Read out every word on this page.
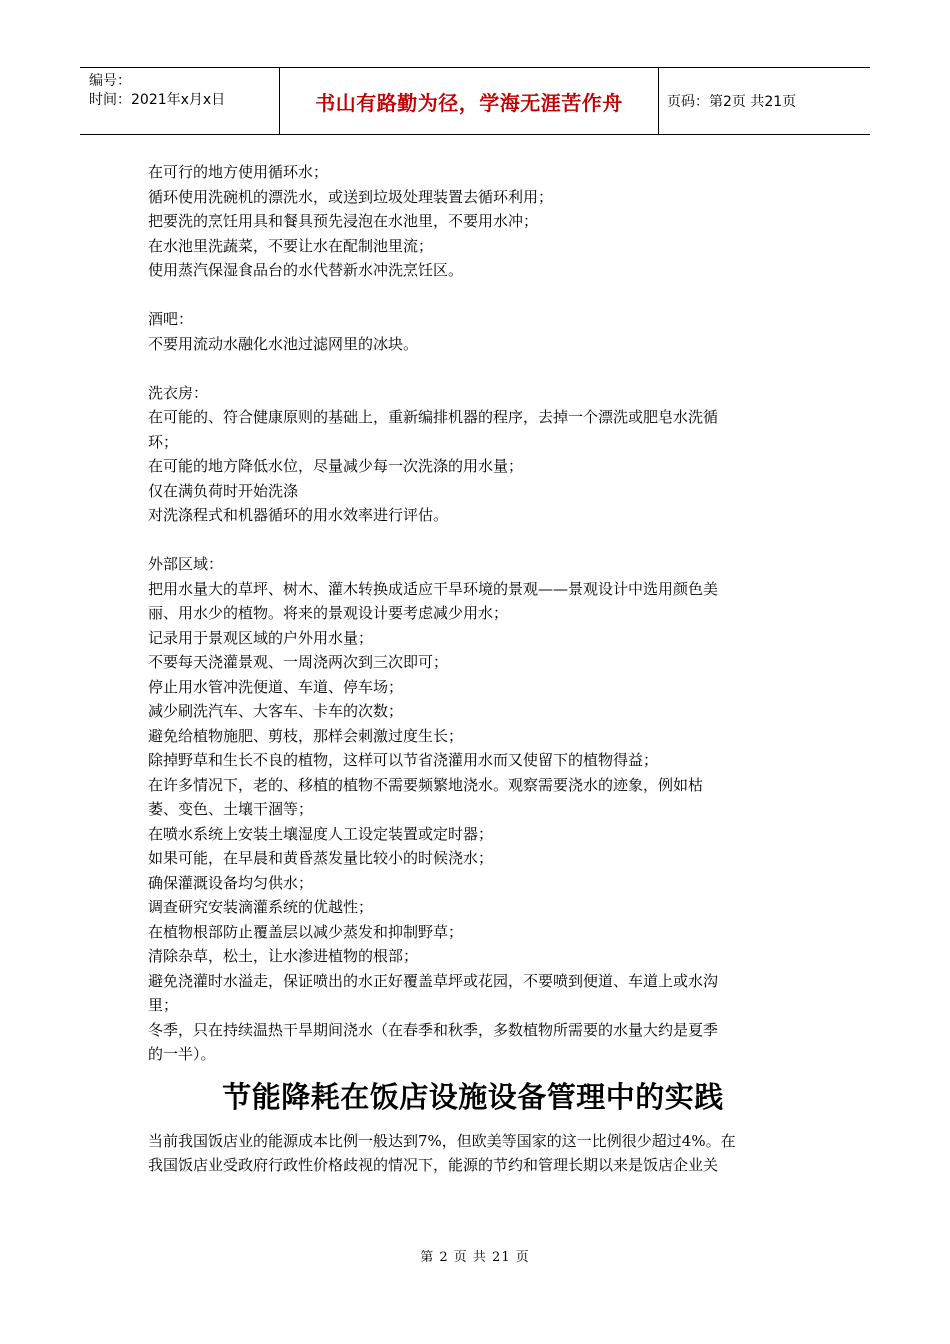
编号：
时间：2021年x月x日	书山有路勤为径，学海无涯苦作舟	页码：第2页 共21页

在可行的地方使用循环水；

循环使用洗碗机的漂洗水，或送到垃圾处理装置去循环利用；

把要洗的烹饪用具和餐具预先浸泡在水池里，不要用水冲；

在水池里洗蔬菜，不要让水在配制池里流；

使用蒸汽保湿食品台的水代替新水冲洗烹饪区。

酒吧：

不要用流动水融化水池过滤网里的冰块。

洗衣房：

在可能的、符合健康原则的基础上，重新编排机器的程序，去掉一个漂洗或肥皂水洗循

环；

在可能的地方降低水位，尽量减少每一次洗涤的用水量；

仅在满负荷时开始洗涤

对洗涤程式和机器循环的用水效率进行评估。

外部区域：

把用水量大的草坪、树木、灌木转换成适应干旱环境的景观——景观设计中选用颜色美

丽、用水少的植物。将来的景观设计要考虑减少用水；

记录用于景观区域的户外用水量；

不要每天浇灌景观、一周浇两次到三次即可；

停止用水管冲洗便道、车道、停车场；

减少刷洗汽车、大客车、卡车的次数；

避免给植物施肥、剪枝，那样会刺激过度生长；

除掉野草和生长不良的植物，这样可以节省浇灌用水而又使留下的植物得益；

在许多情况下，老的、移植的植物不需要频繁地浇水。观察需要浇水的迹象，例如枯

萎、变色、土壤干涸等；

在喷水系统上安装土壤湿度人工设定装置或定时器；

如果可能，在早晨和黄昏蒸发量比较小的时候浇水；

确保灌溉设备均匀供水；

调查研究安装滴灌系统的优越性；

在植物根部防止覆盖层以减少蒸发和抑制野草；

清除杂草，松土，让水渗进植物的根部；

避免浇灌时水溢走，保证喷出的水正好覆盖草坪或花园，不要喷到便道、车道上或水沟

里；

冬季，只在持续温热干旱期间浇水（在春季和秋季，多数植物所需要的水量大约是夏季

的一半）。

节能降耗在饭店设施设备管理中的实践

当前我国饭店业的能源成本比例一般达到7%，但欧美等国家的这一比例很少超过4%。在

我国饭店业受政府行政性价格歧视的情况下，能源的节约和管理长期以来是饭店企业关

第 2 页 共 21 页
